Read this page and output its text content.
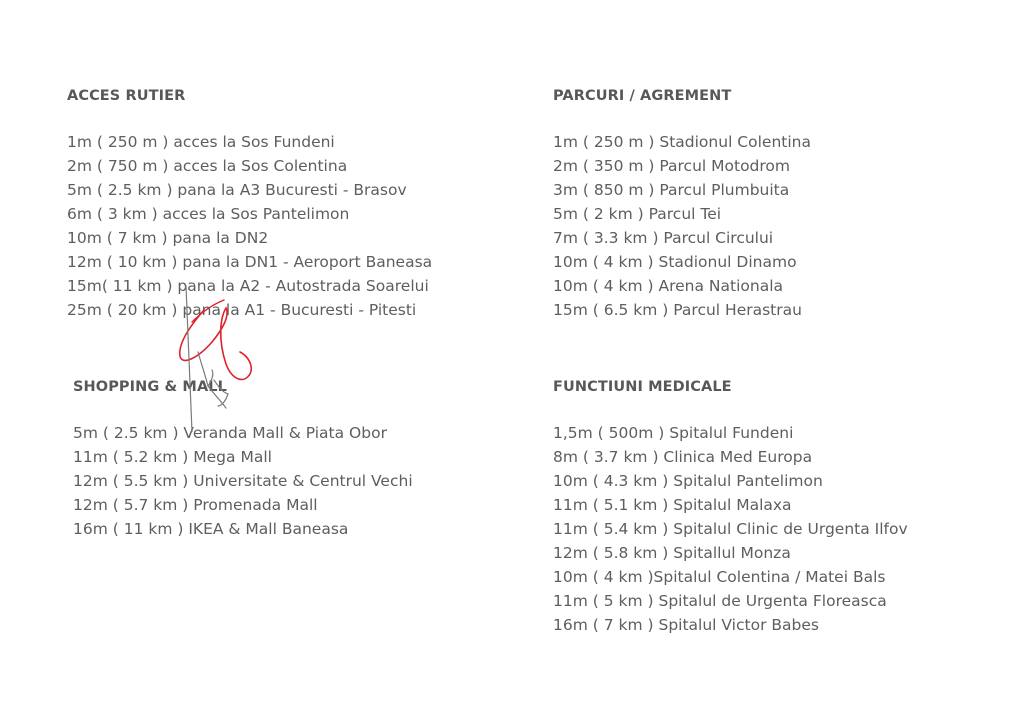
ACCES RUTIER
1m ( 250 m ) acces la Sos Fundeni
2m ( 750 m ) acces la Sos Colentina
5m ( 2.5 km ) pana la A3 Bucuresti - Brasov
6m ( 3 km ) acces la Sos Pantelimon
10m ( 7 km ) pana la DN2
12m ( 10 km ) pana la DN1 - Aeroport Baneasa
15m( 11 km ) pana la A2 - Autostrada Soarelui
25m ( 20 km ) pana la A1 - Bucuresti - Pitesti
PARCURI / AGREMENT
1m ( 250 m ) Stadionul Colentina
2m ( 350 m ) Parcul Motodrom
3m ( 850 m ) Parcul Plumbuita
5m ( 2 km ) Parcul Tei
7m ( 3.3 km ) Parcul Circului
10m ( 4 km ) Stadionul Dinamo
10m ( 4 km ) Arena Nationala
15m ( 6.5 km ) Parcul Herastrau
SHOPPING & MALL
5m ( 2.5 km ) Veranda Mall & Piata Obor
11m ( 5.2 km ) Mega Mall
12m ( 5.5 km ) Universitate & Centrul Vechi
12m ( 5.7 km ) Promenada Mall
16m ( 11 km ) IKEA & Mall Baneasa
FUNCTIUNI MEDICALE
1,5m ( 500m ) Spitalul Fundeni
8m ( 3.7 km ) Clinica Med Europa
10m ( 4.3 km ) Spitalul Pantelimon
11m ( 5.1 km ) Spitalul Malaxa
11m ( 5.4 km ) Spitalul Clinic de Urgenta Ilfov
12m ( 5.8 km ) Spitallul Monza
10m ( 4 km )Spitalul Colentina / Matei Bals
11m ( 5 km ) Spitalul de Urgenta Floreasca
16m ( 7 km ) Spitalul Victor Babes
